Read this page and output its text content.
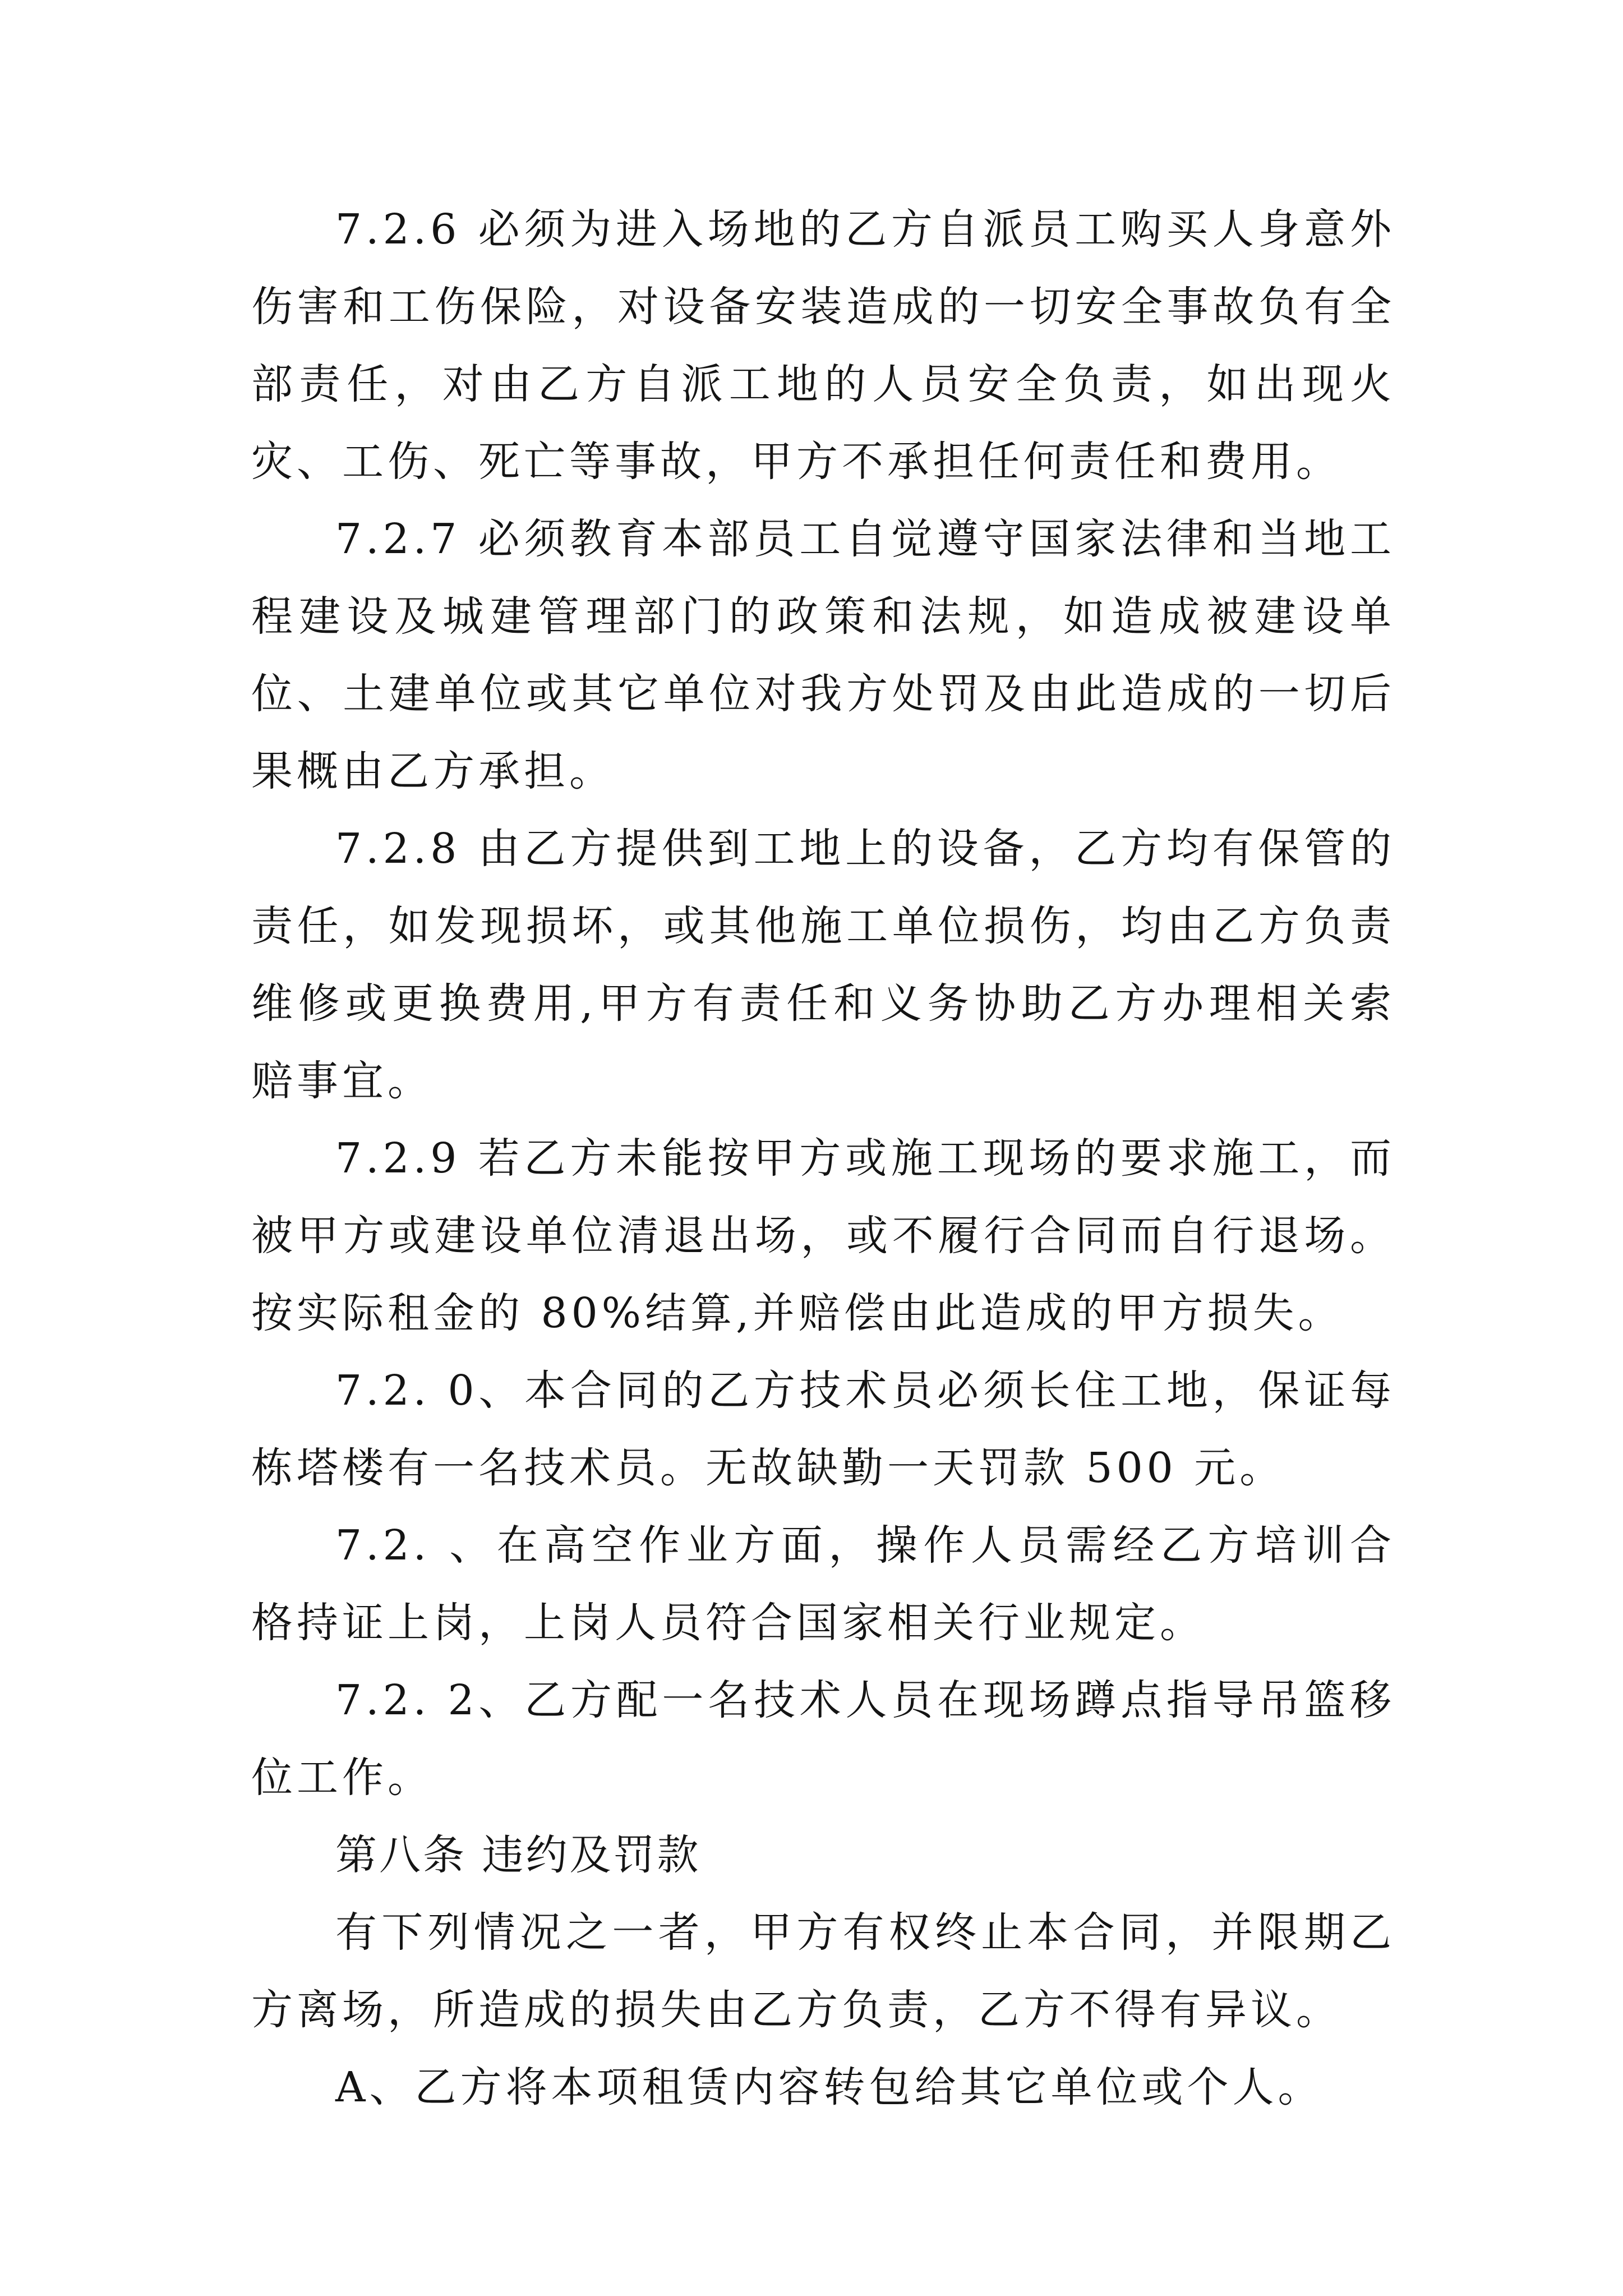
7.2.6 必须为进入场地的乙方自派员工购买人身意外伤害和工伤保险，对设备安装造成的一切安全事故负有全部责任，对由乙方自派工地的人员安全负责，如出现火灾、工伤、死亡等事故，甲方不承担任何责任和费用。

7.2.7 必须教育本部员工自觉遵守国家法律和当地工程建设及城建管理部门的政策和法规，如造成被建设单位、土建单位或其它单位对我方处罚及由此造成的一切后果概由乙方承担。

7.2.8 由乙方提供到工地上的设备，乙方均有保管的责任，如发现损坏，或其他施工单位损伤，均由乙方负责维修或更换费用,甲方有责任和义务协助乙方办理相关索赔事宜。

7.2.9 若乙方未能按甲方或施工现场的要求施工，而被甲方或建设单位清退出场，或不履行合同而自行退场。按实际租金的 80%结算,并赔偿由此造成的甲方损失。

7.2. 0、本合同的乙方技术员必须长住工地，保证每栋塔楼有一名技术员。无故缺勤一天罚款 500 元。

7.2. 、在高空作业方面，操作人员需经乙方培训合格持证上岗，上岗人员符合国家相关行业规定。

7.2. 2、乙方配一名技术人员在现场蹲点指导吊篮移位工作。

第八条 违约及罚款

有下列情况之一者，甲方有权终止本合同，并限期乙方离场，所造成的损失由乙方负责，乙方不得有异议。

A、乙方将本项租赁内容转包给其它单位或个人。
